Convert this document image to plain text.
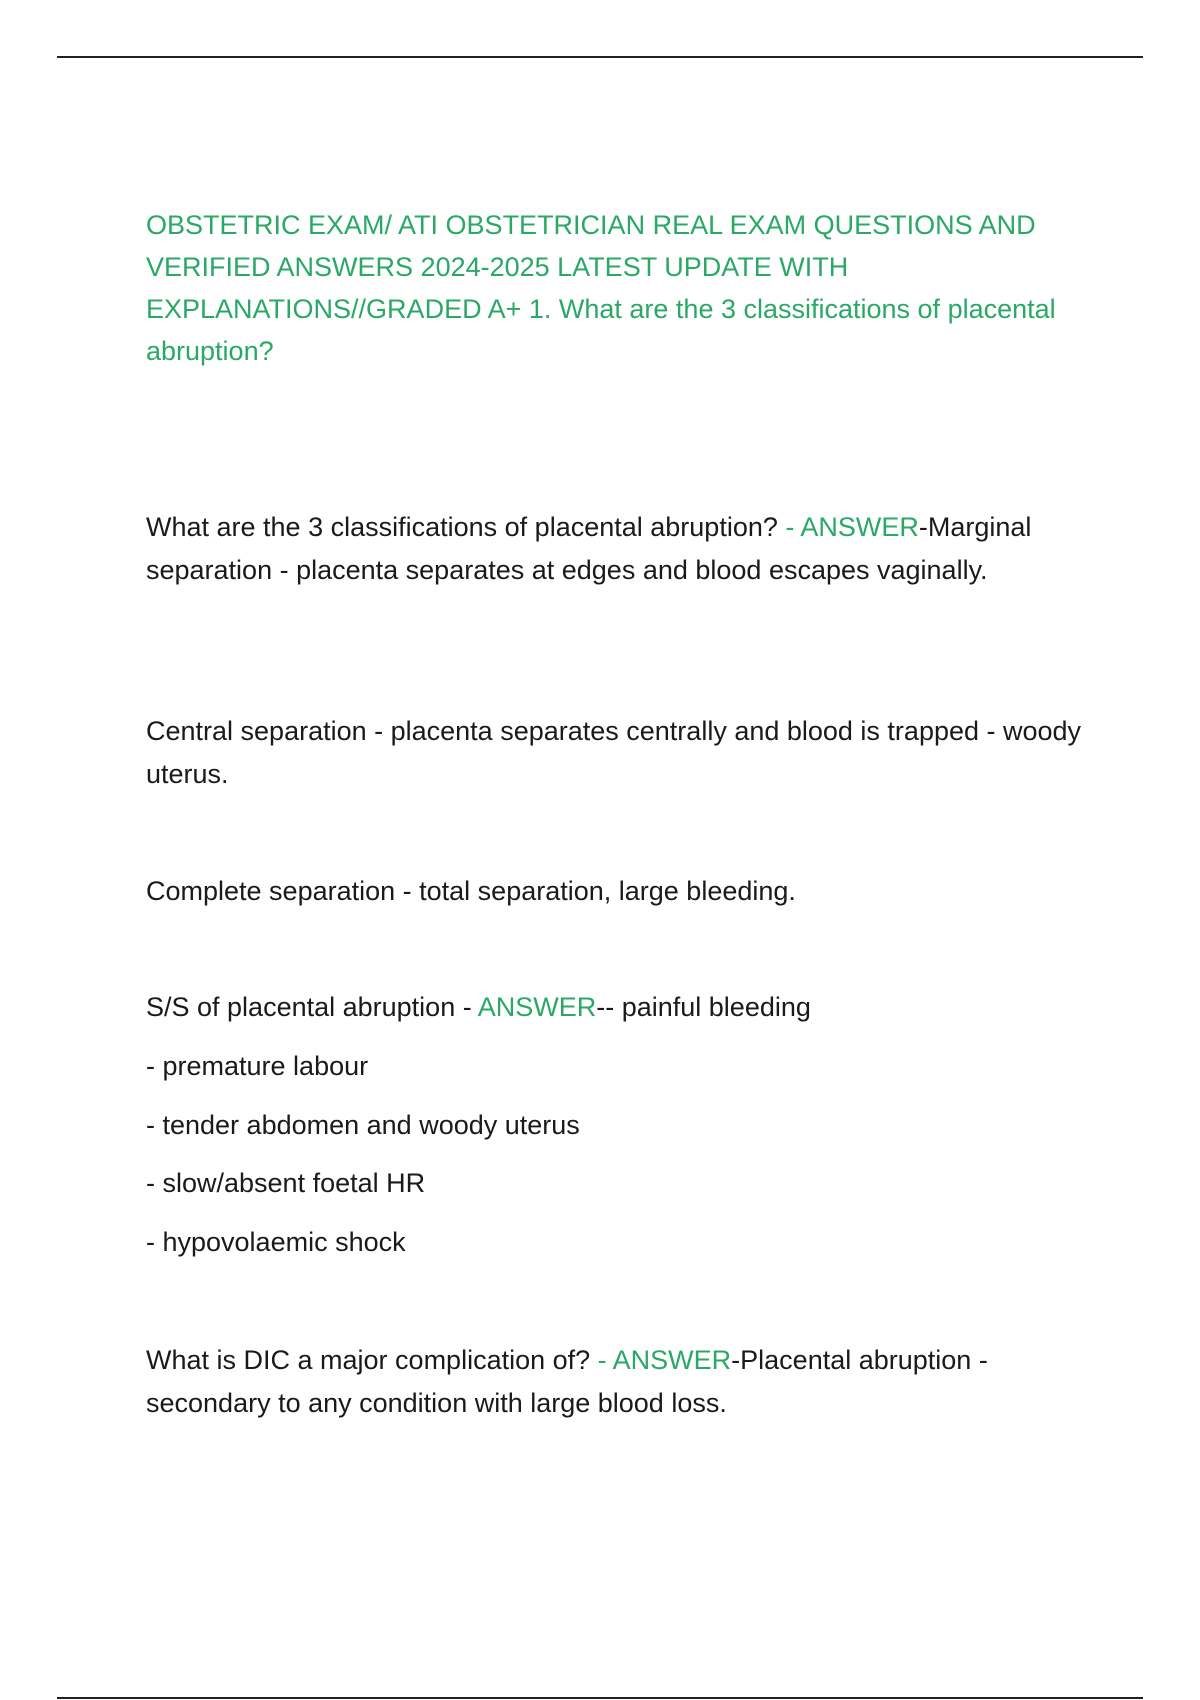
OBSTETRIC EXAM/ ATI OBSTETRICIAN REAL EXAM QUESTIONS AND VERIFIED ANSWERS 2024-2025 LATEST UPDATE WITH EXPLANATIONS//GRADED A+ 1. What are the 3 classifications of placental abruption?

What are the 3 classifications of placental abruption? - ANSWER-Marginal separation - placenta separates at edges and blood escapes vaginally.

Central separation - placenta separates centrally and blood is trapped - woody uterus.

Complete separation - total separation, large bleeding.

S/S of placental abruption - ANSWER-- painful bleeding

- premature labour
- tender abdomen and woody uterus
- slow/absent foetal HR
- hypovolaemic shock

What is DIC a major complication of? - ANSWER-Placental abruption - secondary to any condition with large blood loss.
